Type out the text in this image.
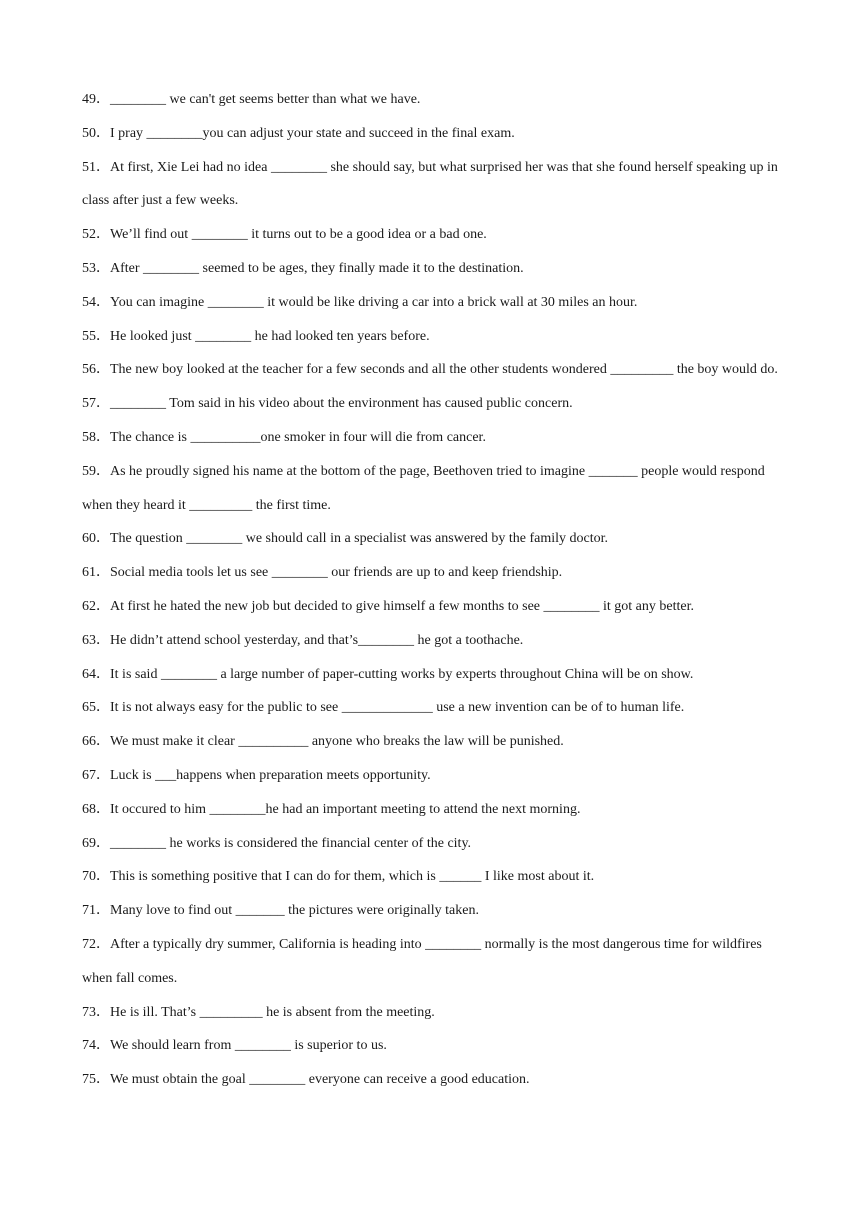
49．________ we can't get seems better than what we have.
50．I pray ________you can adjust your state and succeed in the final exam.
51．At first, Xie Lei had no idea ________ she should say, but what surprised her was that she found herself speaking up in class after just a few weeks.
52．We’ll find out ________ it turns out to be a good idea or a bad one.
53．After ________ seemed to be ages, they finally made it to the destination.
54．You can imagine ________ it would be like driving a car into a brick wall at 30 miles an hour.
55．He looked just ________ he had looked ten years before.
56．The new boy looked at the teacher for a few seconds and all the other students wondered _________ the boy would do.
57．________ Tom said in his video about the environment has caused public concern.
58．The chance is __________one smoker in four will die from cancer.
59．As he proudly signed his name at the bottom of the page, Beethoven tried to imagine _______ people would respond when they heard it _________ the first time.
60．The question ________ we should call in a specialist was answered by the family doctor.
61．Social media tools let us see ________ our friends are up to and keep friendship.
62．At first he hated the new job but decided to give himself a few months to see ________ it got any better.
63．He didn’t attend school yesterday, and that’s________ he got a toothache.
64．It is said ________ a large number of paper-cutting works by experts throughout China will be on show.
65．It is not always easy for the public to see _____________ use a new invention can be of to human life.
66．We must make it clear __________ anyone who breaks the law will be punished.
67．Luck is ___happens when preparation meets opportunity.
68．It occured to him ________he had an important meeting to attend the next morning.
69．________ he works is considered the financial center of the city.
70．This is something positive that I can do for them, which is ______ I like most about it.
71．Many love to find out _______ the pictures were originally taken.
72．After a typically dry summer, California is heading into ________ normally is the most dangerous time for wildfires when fall comes.
73．He is ill. That’s _________ he is absent from the meeting.
74．We should learn from ________ is superior to us.
75．We must obtain the goal ________ everyone can receive a good education.
